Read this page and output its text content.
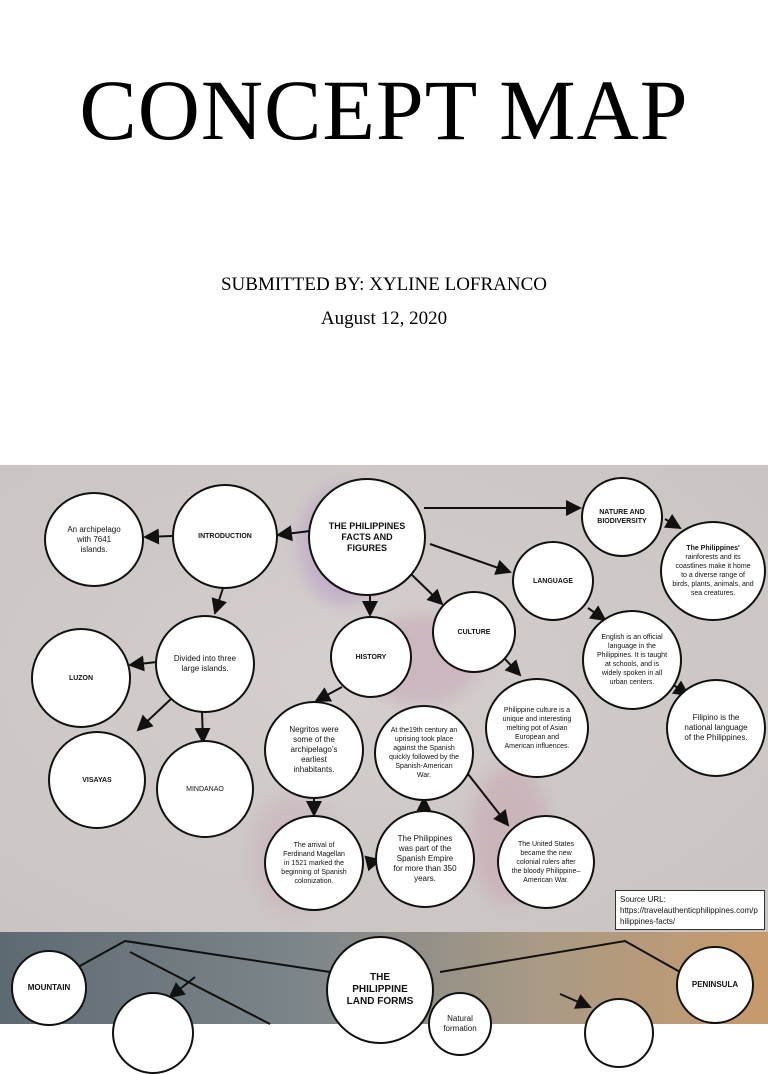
CONCEPT MAP
SUBMITTED BY: XYLINE LOFRANCO
August 12, 2020
An archipelago with 7641 islands.
INTRODUCTION
THE PHILIPPINES FACTS AND FIGURES
NATURE AND BIODIVERSITY
The Philippines' rainforests and its coastlines make it home to a diverse range of birds, plants, animals, and sea creatures.
LANGUAGE
CULTURE
HISTORY
Divided into three large islands.
LUZON
English is an official language in the Philippines. It is taught at schools, and is widely spoken in all urban centers.
Philippine culture is a unique and interesting melting pot of Asian European and American influences.
Negritos were some of the archipelago’s earliest inhabitants.
At the19th century an uprising took place against the Spanish quickly followed by the Spanish-American War.
Filipino is the national language of the Philippines.
VISAYAS
MINDANAO
The arrival of Ferdinand Magellan in 1521 marked the beginning of Spanish colonization.
The Philippines was part of the Spanish Empire for more than 350 years.
The United States became the new colonial rulers after the bloody Philippine–American War.
Source URL:
https://travelauthenticphilippines.com/philippines-facts/
MOUNTAIN
THE PHILIPPINE LAND FORMS
Natural formation
PENINSULA
